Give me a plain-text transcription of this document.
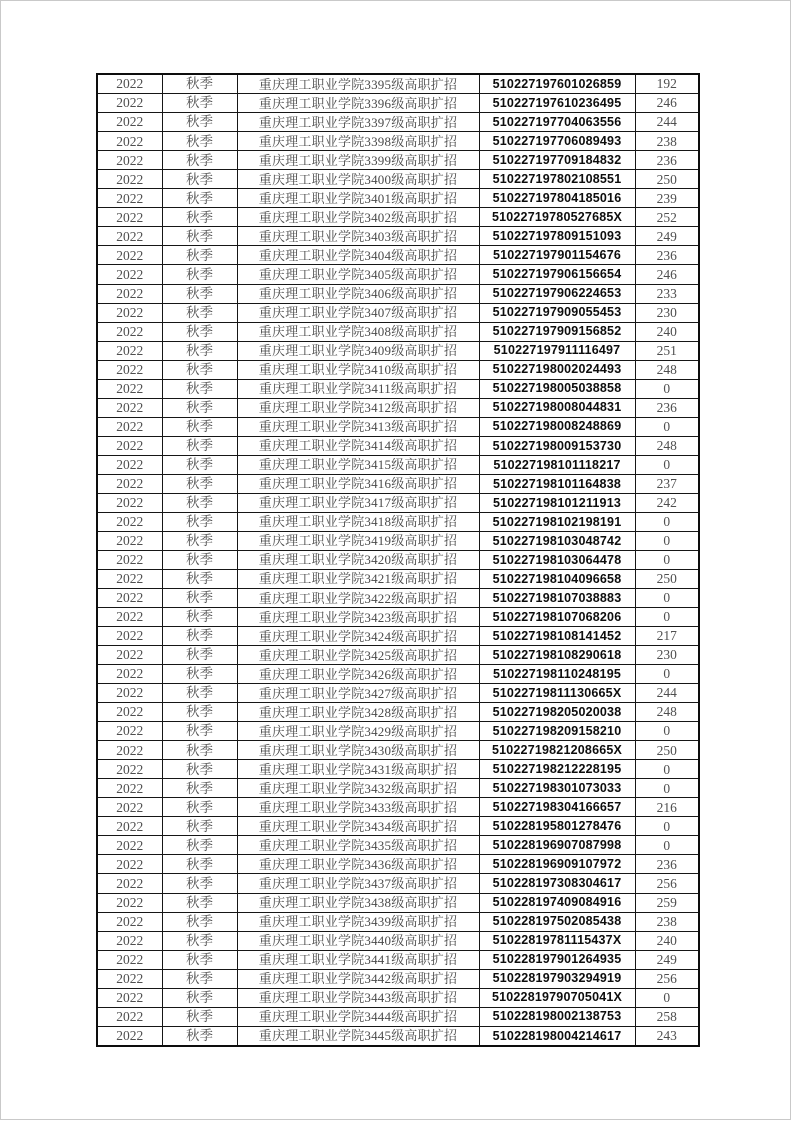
2022	秋季	重庆理工职业学院3395级高职扩招	510227197601026859	192
2022	秋季	重庆理工职业学院3396级高职扩招	510227197610236495	246
2022	秋季	重庆理工职业学院3397级高职扩招	510227197704063556	244
2022	秋季	重庆理工职业学院3398级高职扩招	510227197706089493	238
2022	秋季	重庆理工职业学院3399级高职扩招	510227197709184832	236
2022	秋季	重庆理工职业学院3400级高职扩招	510227197802108551	250
2022	秋季	重庆理工职业学院3401级高职扩招	510227197804185016	239
2022	秋季	重庆理工职业学院3402级高职扩招	51022719780527685X	252
2022	秋季	重庆理工职业学院3403级高职扩招	510227197809151093	249
2022	秋季	重庆理工职业学院3404级高职扩招	510227197901154676	236
2022	秋季	重庆理工职业学院3405级高职扩招	510227197906156654	246
2022	秋季	重庆理工职业学院3406级高职扩招	510227197906224653	233
2022	秋季	重庆理工职业学院3407级高职扩招	510227197909055453	230
2022	秋季	重庆理工职业学院3408级高职扩招	510227197909156852	240
2022	秋季	重庆理工职业学院3409级高职扩招	510227197911116497	251
2022	秋季	重庆理工职业学院3410级高职扩招	510227198002024493	248
2022	秋季	重庆理工职业学院3411级高职扩招	510227198005038858	0
2022	秋季	重庆理工职业学院3412级高职扩招	510227198008044831	236
2022	秋季	重庆理工职业学院3413级高职扩招	510227198008248869	0
2022	秋季	重庆理工职业学院3414级高职扩招	510227198009153730	248
2022	秋季	重庆理工职业学院3415级高职扩招	510227198101118217	0
2022	秋季	重庆理工职业学院3416级高职扩招	510227198101164838	237
2022	秋季	重庆理工职业学院3417级高职扩招	510227198101211913	242
2022	秋季	重庆理工职业学院3418级高职扩招	510227198102198191	0
2022	秋季	重庆理工职业学院3419级高职扩招	510227198103048742	0
2022	秋季	重庆理工职业学院3420级高职扩招	510227198103064478	0
2022	秋季	重庆理工职业学院3421级高职扩招	510227198104096658	250
2022	秋季	重庆理工职业学院3422级高职扩招	510227198107038883	0
2022	秋季	重庆理工职业学院3423级高职扩招	510227198107068206	0
2022	秋季	重庆理工职业学院3424级高职扩招	510227198108141452	217
2022	秋季	重庆理工职业学院3425级高职扩招	510227198108290618	230
2022	秋季	重庆理工职业学院3426级高职扩招	510227198110248195	0
2022	秋季	重庆理工职业学院3427级高职扩招	51022719811130665X	244
2022	秋季	重庆理工职业学院3428级高职扩招	510227198205020038	248
2022	秋季	重庆理工职业学院3429级高职扩招	510227198209158210	0
2022	秋季	重庆理工职业学院3430级高职扩招	51022719821208665X	250
2022	秋季	重庆理工职业学院3431级高职扩招	510227198212228195	0
2022	秋季	重庆理工职业学院3432级高职扩招	510227198301073033	0
2022	秋季	重庆理工职业学院3433级高职扩招	510227198304166657	216
2022	秋季	重庆理工职业学院3434级高职扩招	510228195801278476	0
2022	秋季	重庆理工职业学院3435级高职扩招	510228196907087998	0
2022	秋季	重庆理工职业学院3436级高职扩招	510228196909107972	236
2022	秋季	重庆理工职业学院3437级高职扩招	510228197308304617	256
2022	秋季	重庆理工职业学院3438级高职扩招	510228197409084916	259
2022	秋季	重庆理工职业学院3439级高职扩招	510228197502085438	238
2022	秋季	重庆理工职业学院3440级高职扩招	51022819781115437X	240
2022	秋季	重庆理工职业学院3441级高职扩招	510228197901264935	249
2022	秋季	重庆理工职业学院3442级高职扩招	510228197903294919	256
2022	秋季	重庆理工职业学院3443级高职扩招	51022819790705041X	0
2022	秋季	重庆理工职业学院3444级高职扩招	510228198002138753	258
2022	秋季	重庆理工职业学院3445级高职扩招	510228198004214617	243
